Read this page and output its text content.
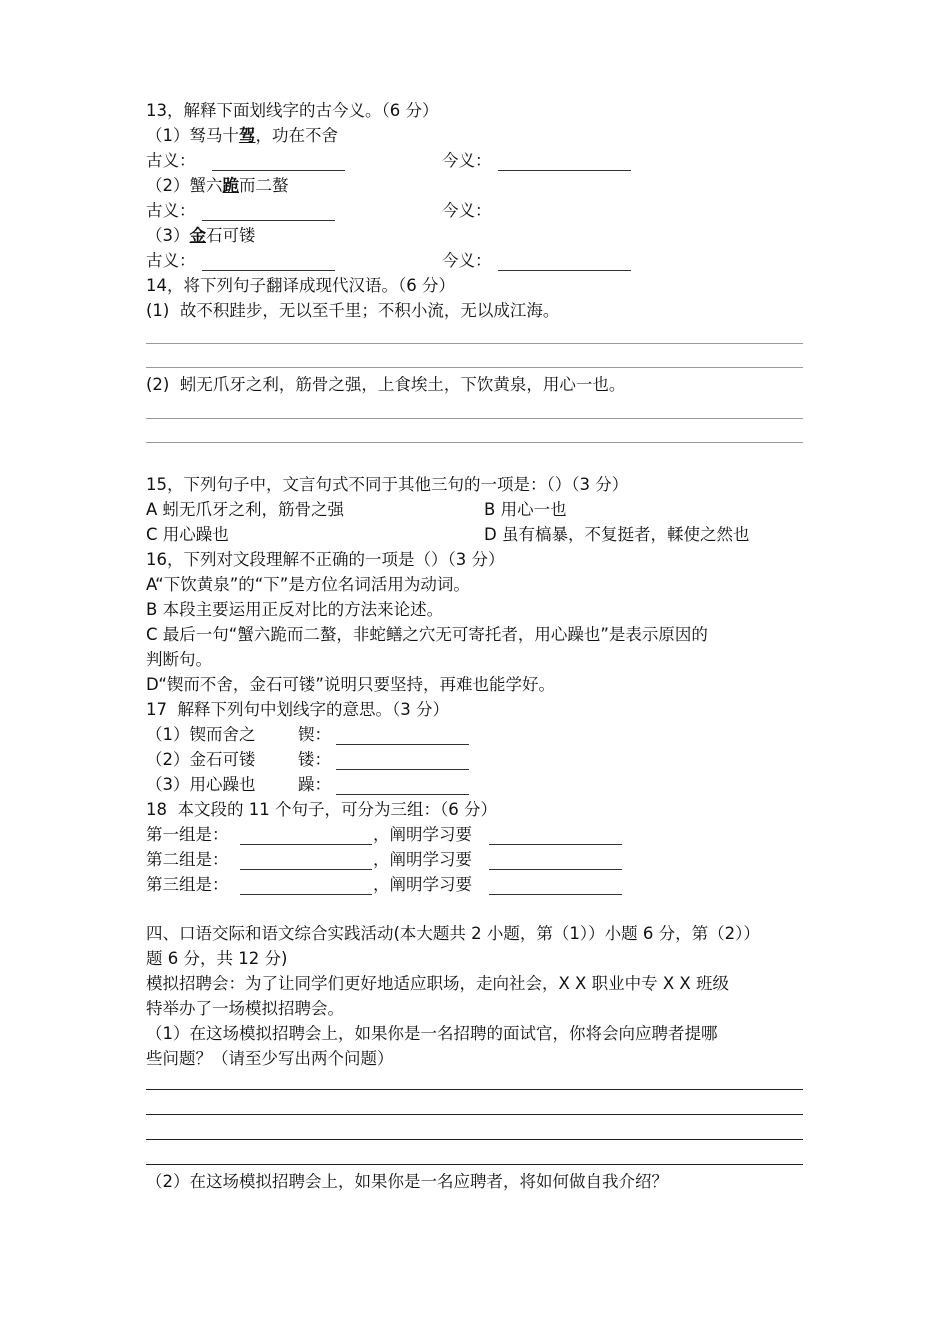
13，解释下面划线字的古今义。（6 分）
（1）驽马十驾，功在不舍
古义：	今义：
（2）蟹六跪而二螯
古义：	今义：
（3）金石可镂
古义：	今义：
14，将下列句子翻译成现代汉语。（6 分）
(1)  故不积跬步，无以至千里；不积小流，无以成江海。
(2)  蚓无爪牙之利，筋骨之强，上食埃土，下饮黄泉，用心一也。
15，下列句子中，文言句式不同于其他三句的一项是：（）（3 分）
A 蚓无爪牙之利，筋骨之强	B 用心一也
C 用心躁也	D 虽有槁暴，不复挺者，輮使之然也
16，下列对文段理解不正确的一项是（）（3 分）
A“下饮黄泉”的“下”是方位名词活用为动词。
B 本段主要运用正反对比的方法来论述。
C 最后一句“蟹六跪而二螯，非蛇鳝之穴无可寄托者，用心躁也”是表示原因的
判断句。
D“锲而不舍，金石可镂”说明只要坚持，再难也能学好。
17  解释下列句中划线字的意思。（3 分）
（1）锲而舍之	锲：
（2）金石可镂	镂：
（3）用心躁也	躁：
18  本文段的 11 个句子，可分为三组：（6 分）
第一组是：	，阐明学习要
第二组是：	，阐明学习要
第三组是：	，阐明学习要
四、口语交际和语文综合实践活动(本大题共 2 小题，第（1））小题 6 分，第（2））
题 6 分，共 12 分)
模拟招聘会：为了让同学们更好地适应职场，走向社会，X X 职业中专 X X 班级
特举办了一场模拟招聘会。
（1）在这场模拟招聘会上，如果你是一名招聘的面试官，你将会向应聘者提哪
些问题？（请至少写出两个问题）
（2）在这场模拟招聘会上，如果你是一名应聘者，将如何做自我介绍？
